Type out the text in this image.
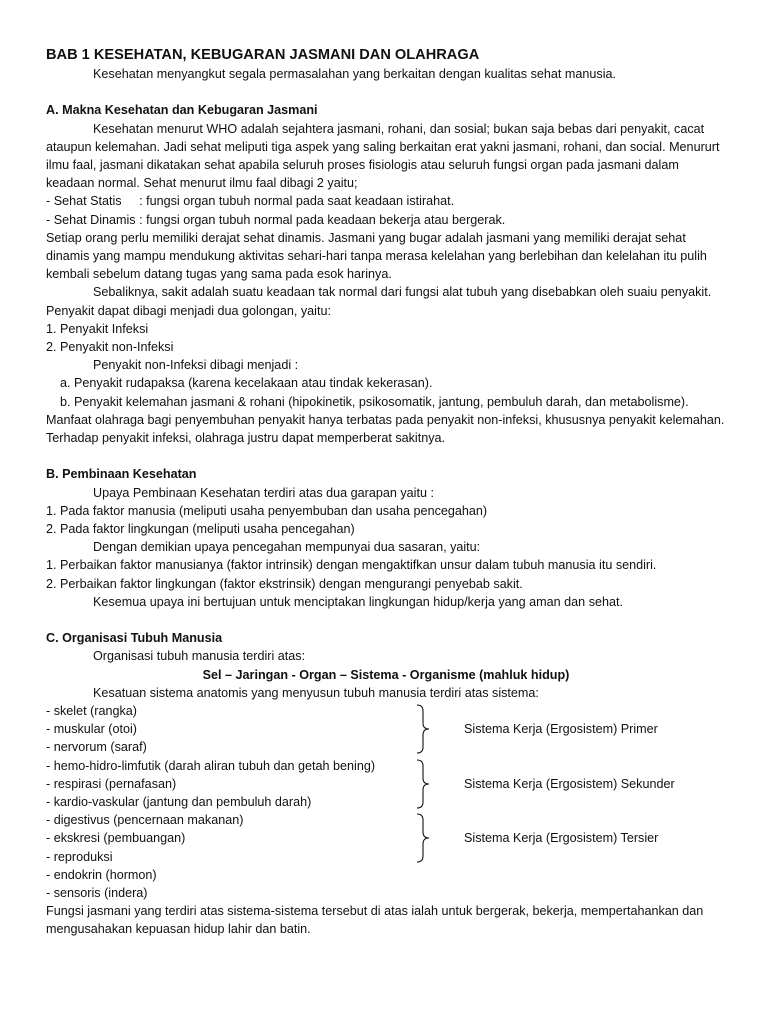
BAB 1 KESEHATAN, KEBUGARAN JASMANI DAN OLAHRAGA

Kesehatan menyangkut segala permasalahan yang berkaitan dengan kualitas sehat manusia.

A. Makna Kesehatan dan Kebugaran Jasmani

Kesehatan menurut WHO adalah sejahtera jasmani, rohani, dan sosial; bukan saja bebas dari penyakit, cacat ataupun kelemahan. Jadi sehat meliputi tiga aspek yang saling berkaitan erat yakni jasmani, rohani, dan social. Menururt ilmu faal, jasmani dikatakan sehat apabila seluruh proses fisiologis atau seluruh fungsi organ pada jasmani dalam keadaan normal. Sehat menurut ilmu faal dibagi 2 yaitu;

- Sehat Statis     : fungsi organ tubuh normal pada saat keadaan istirahat.

- Sehat Dinamis : fungsi organ tubuh normal pada keadaan bekerja atau bergerak.

Setiap orang perlu memiliki derajat sehat dinamis. Jasmani yang bugar adalah jasmani yang memiliki derajat sehat dinamis yang mampu mendukung aktivitas sehari-hari tanpa merasa kelelahan yang berlebihan dan kelelahan itu pulih kembali sebelum datang tugas yang sama pada esok harinya.

Sebaliknya, sakit adalah suatu keadaan tak normal dari fungsi alat tubuh yang disebabkan oleh suaiu penyakit. Penyakit dapat dibagi menjadi dua golongan, yaitu:

1. Penyakit Infeksi

2. Penyakit non-Infeksi

Penyakit non-Infeksi dibagi menjadi :

a. Penyakit rudapaksa (karena kecelakaan atau tindak kekerasan).

b. Penyakit kelemahan jasmani & rohani (hipokinetik, psikosomatik, jantung, pembuluh darah, dan metabolisme).

Manfaat olahraga bagi penyembuhan penyakit hanya terbatas pada penyakit non-infeksi, khususnya penyakit kelemahan. Terhadap penyakit infeksi, olahraga justru dapat memperberat sakitnya.

B. Pembinaan Kesehatan

Upaya Pembinaan Kesehatan terdiri atas dua garapan yaitu :

1. Pada faktor manusia (meliputi usaha penyembuban dan usaha pencegahan)

2. Pada faktor lingkungan (meliputi usaha pencegahan)

Dengan demikian upaya pencegahan mempunyai dua sasaran, yaitu:

1. Perbaikan faktor manusianya (faktor intrinsik) dengan mengaktifkan unsur dalam tubuh manusia itu sendiri.

2. Perbaikan faktor lingkungan (faktor ekstrinsik) dengan mengurangi penyebab sakit.

Kesemua upaya ini bertujuan untuk menciptakan lingkungan hidup/kerja yang aman dan sehat.

C. Organisasi Tubuh Manusia

Organisasi tubuh manusia terdiri atas:

Sel – Jaringan - Organ – Sistema - Organisme (mahluk hidup)

Kesatuan sistema anatomis yang menyusun tubuh manusia terdiri atas sistema:

- skelet (rangka)
- muskular (otoi)
- nervorum (saraf)
Sistema Kerja (Ergosistem) Primer
- hemo-hidro-limfutik (darah aliran tubuh dan getah bening)
- respirasi (pernafasan)
- kardio-vaskular (jantung dan pembuluh darah)
Sistema Kerja (Ergosistem) Sekunder
- digestivus (pencernaan makanan)
- ekskresi (pembuangan)
- reproduksi
Sistema Kerja (Ergosistem) Tersier
- endokrin (hormon)
- sensoris (indera)

Fungsi jasmani yang terdiri atas sistema-sistema tersebut di atas ialah untuk bergerak, bekerja, mempertahankan dan mengusahakan kepuasan hidup lahir dan batin.
